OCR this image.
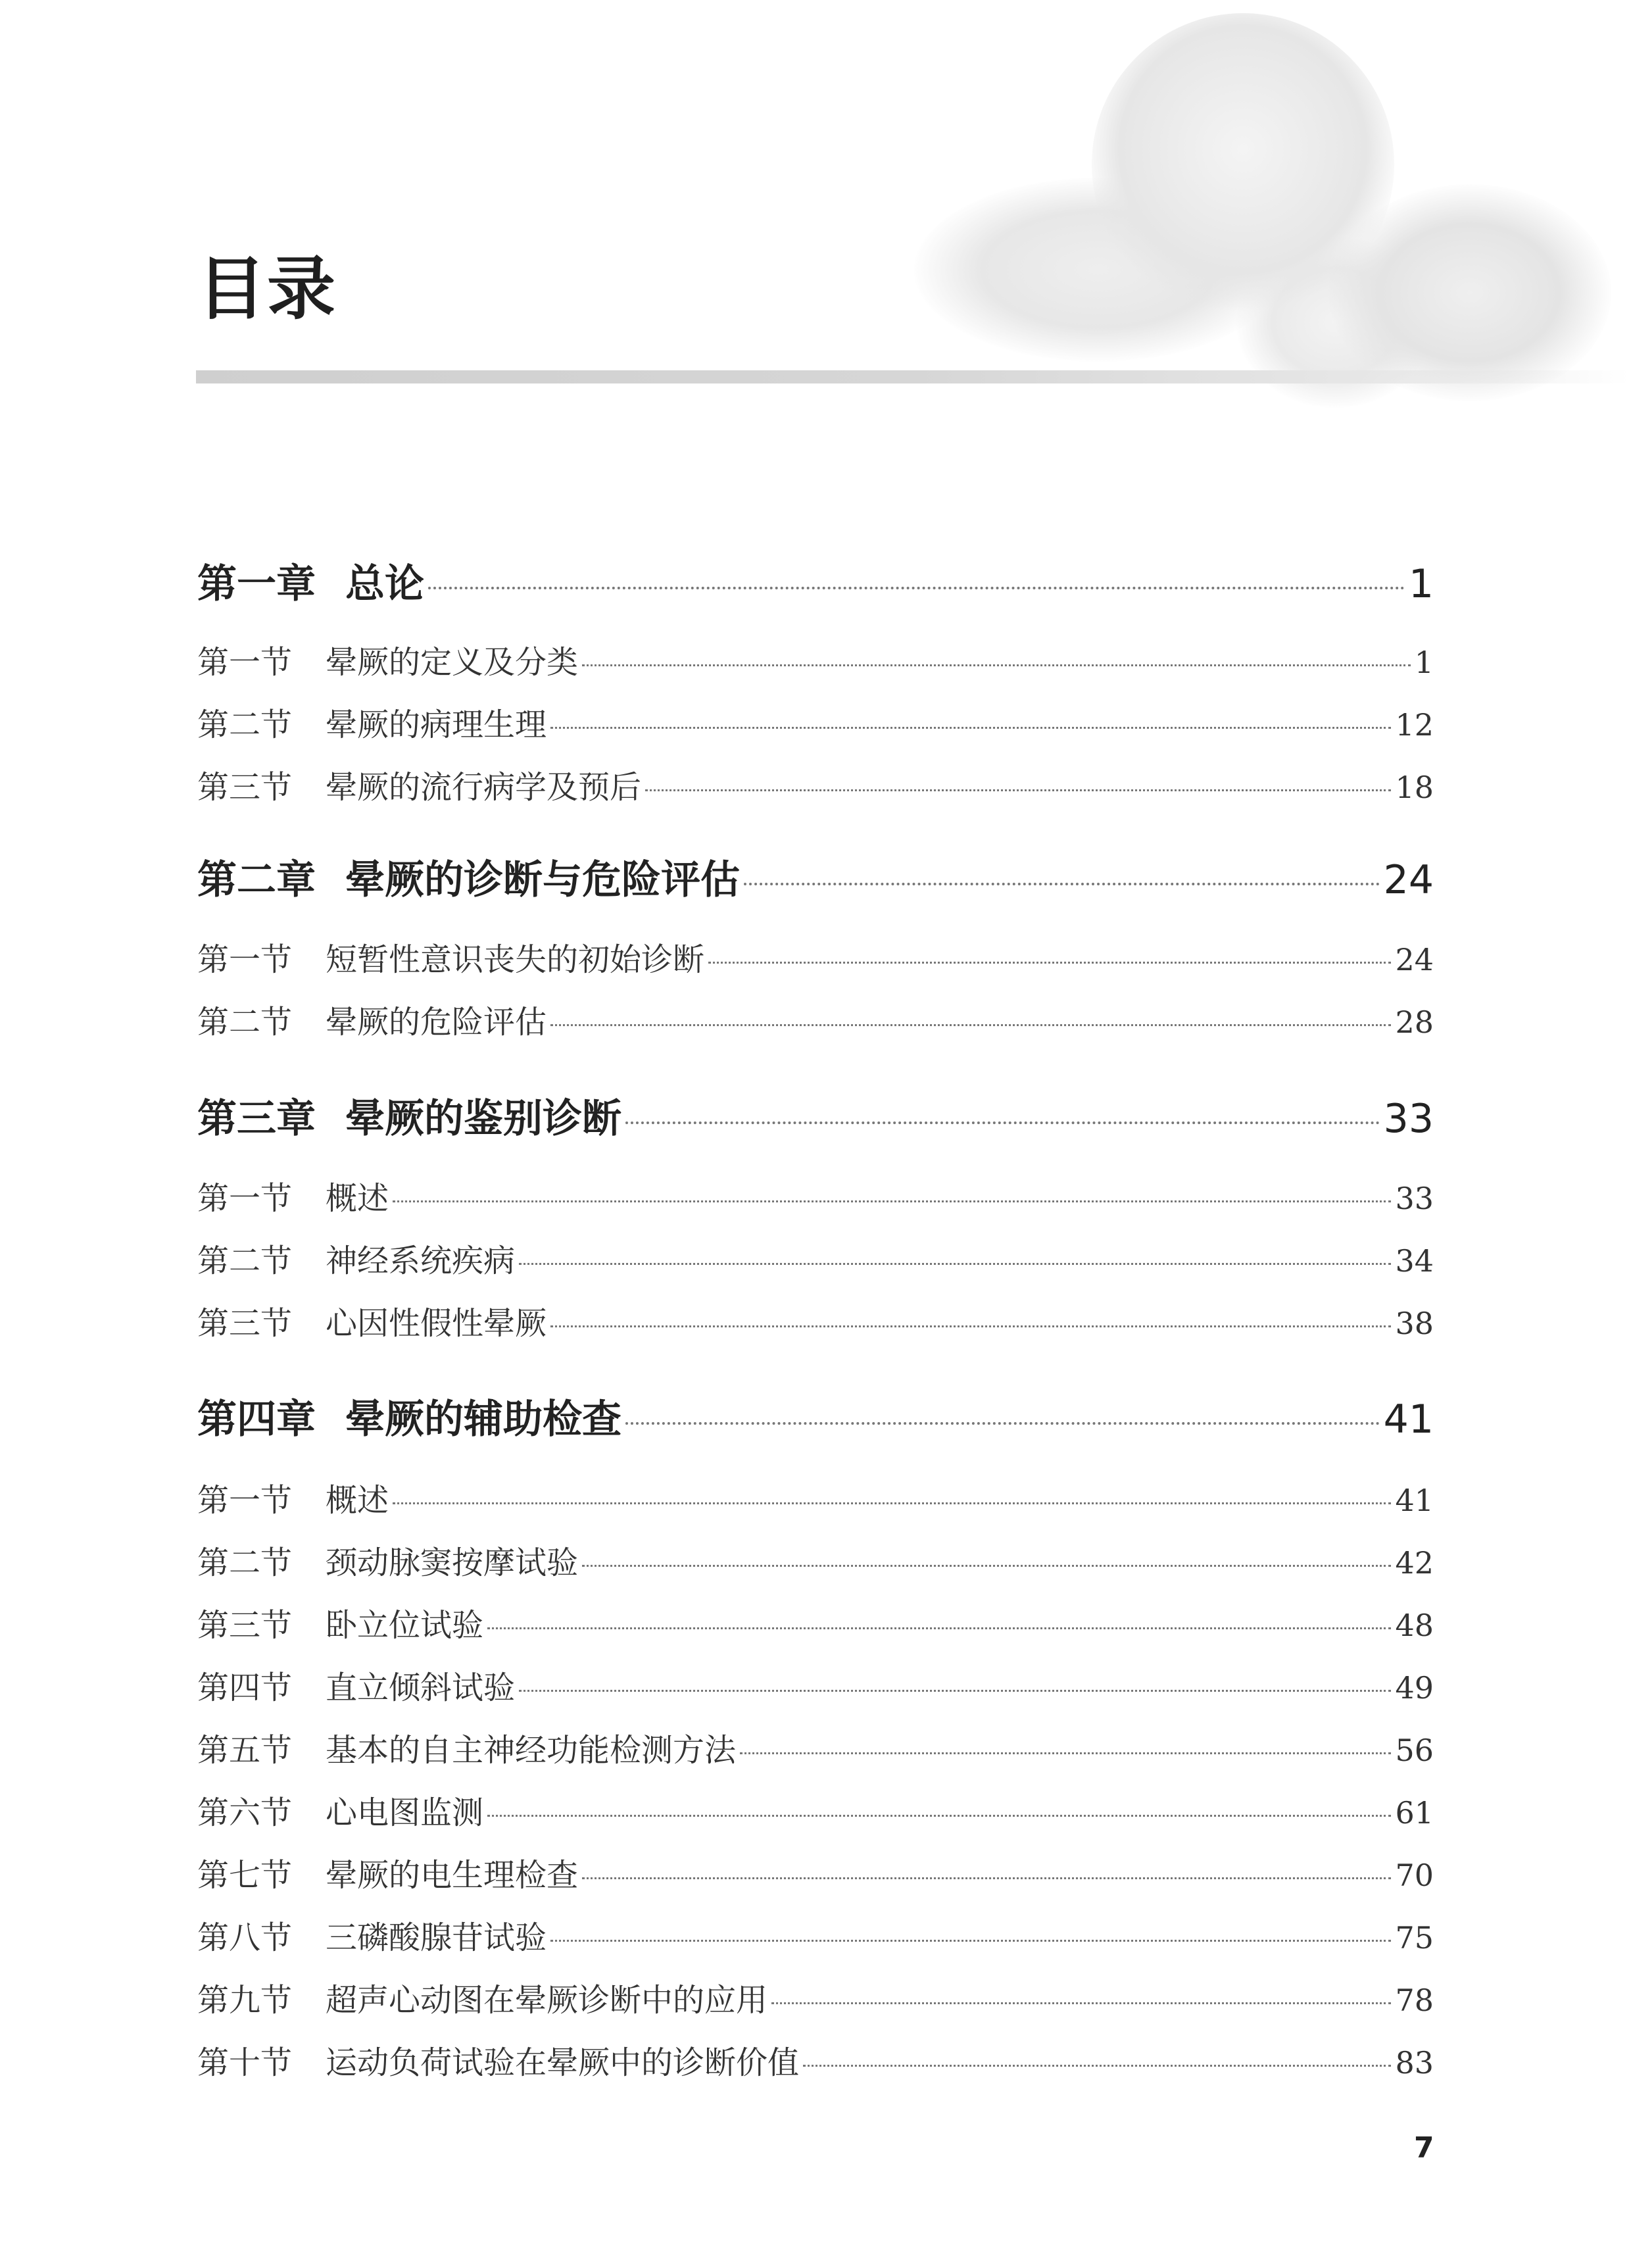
目录
第一章 总论	1
第一节 晕厥的定义及分类	1
第二节 晕厥的病理生理	12
第三节 晕厥的流行病学及预后	18
第二章 晕厥的诊断与危险评估	24
第一节 短暂性意识丧失的初始诊断	24
第二节 晕厥的危险评估	28
第三章 晕厥的鉴别诊断	33
第一节 概述	33
第二节 神经系统疾病	34
第三节 心因性假性晕厥	38
第四章 晕厥的辅助检查	41
第一节 概述	41
第二节 颈动脉窦按摩试验	42
第三节 卧立位试验	48
第四节 直立倾斜试验	49
第五节 基本的自主神经功能检测方法	56
第六节 心电图监测	61
第七节 晕厥的电生理检查	70
第八节 三磷酸腺苷试验	75
第九节 超声心动图在晕厥诊断中的应用	78
第十节 运动负荷试验在晕厥中的诊断价值	83
7
